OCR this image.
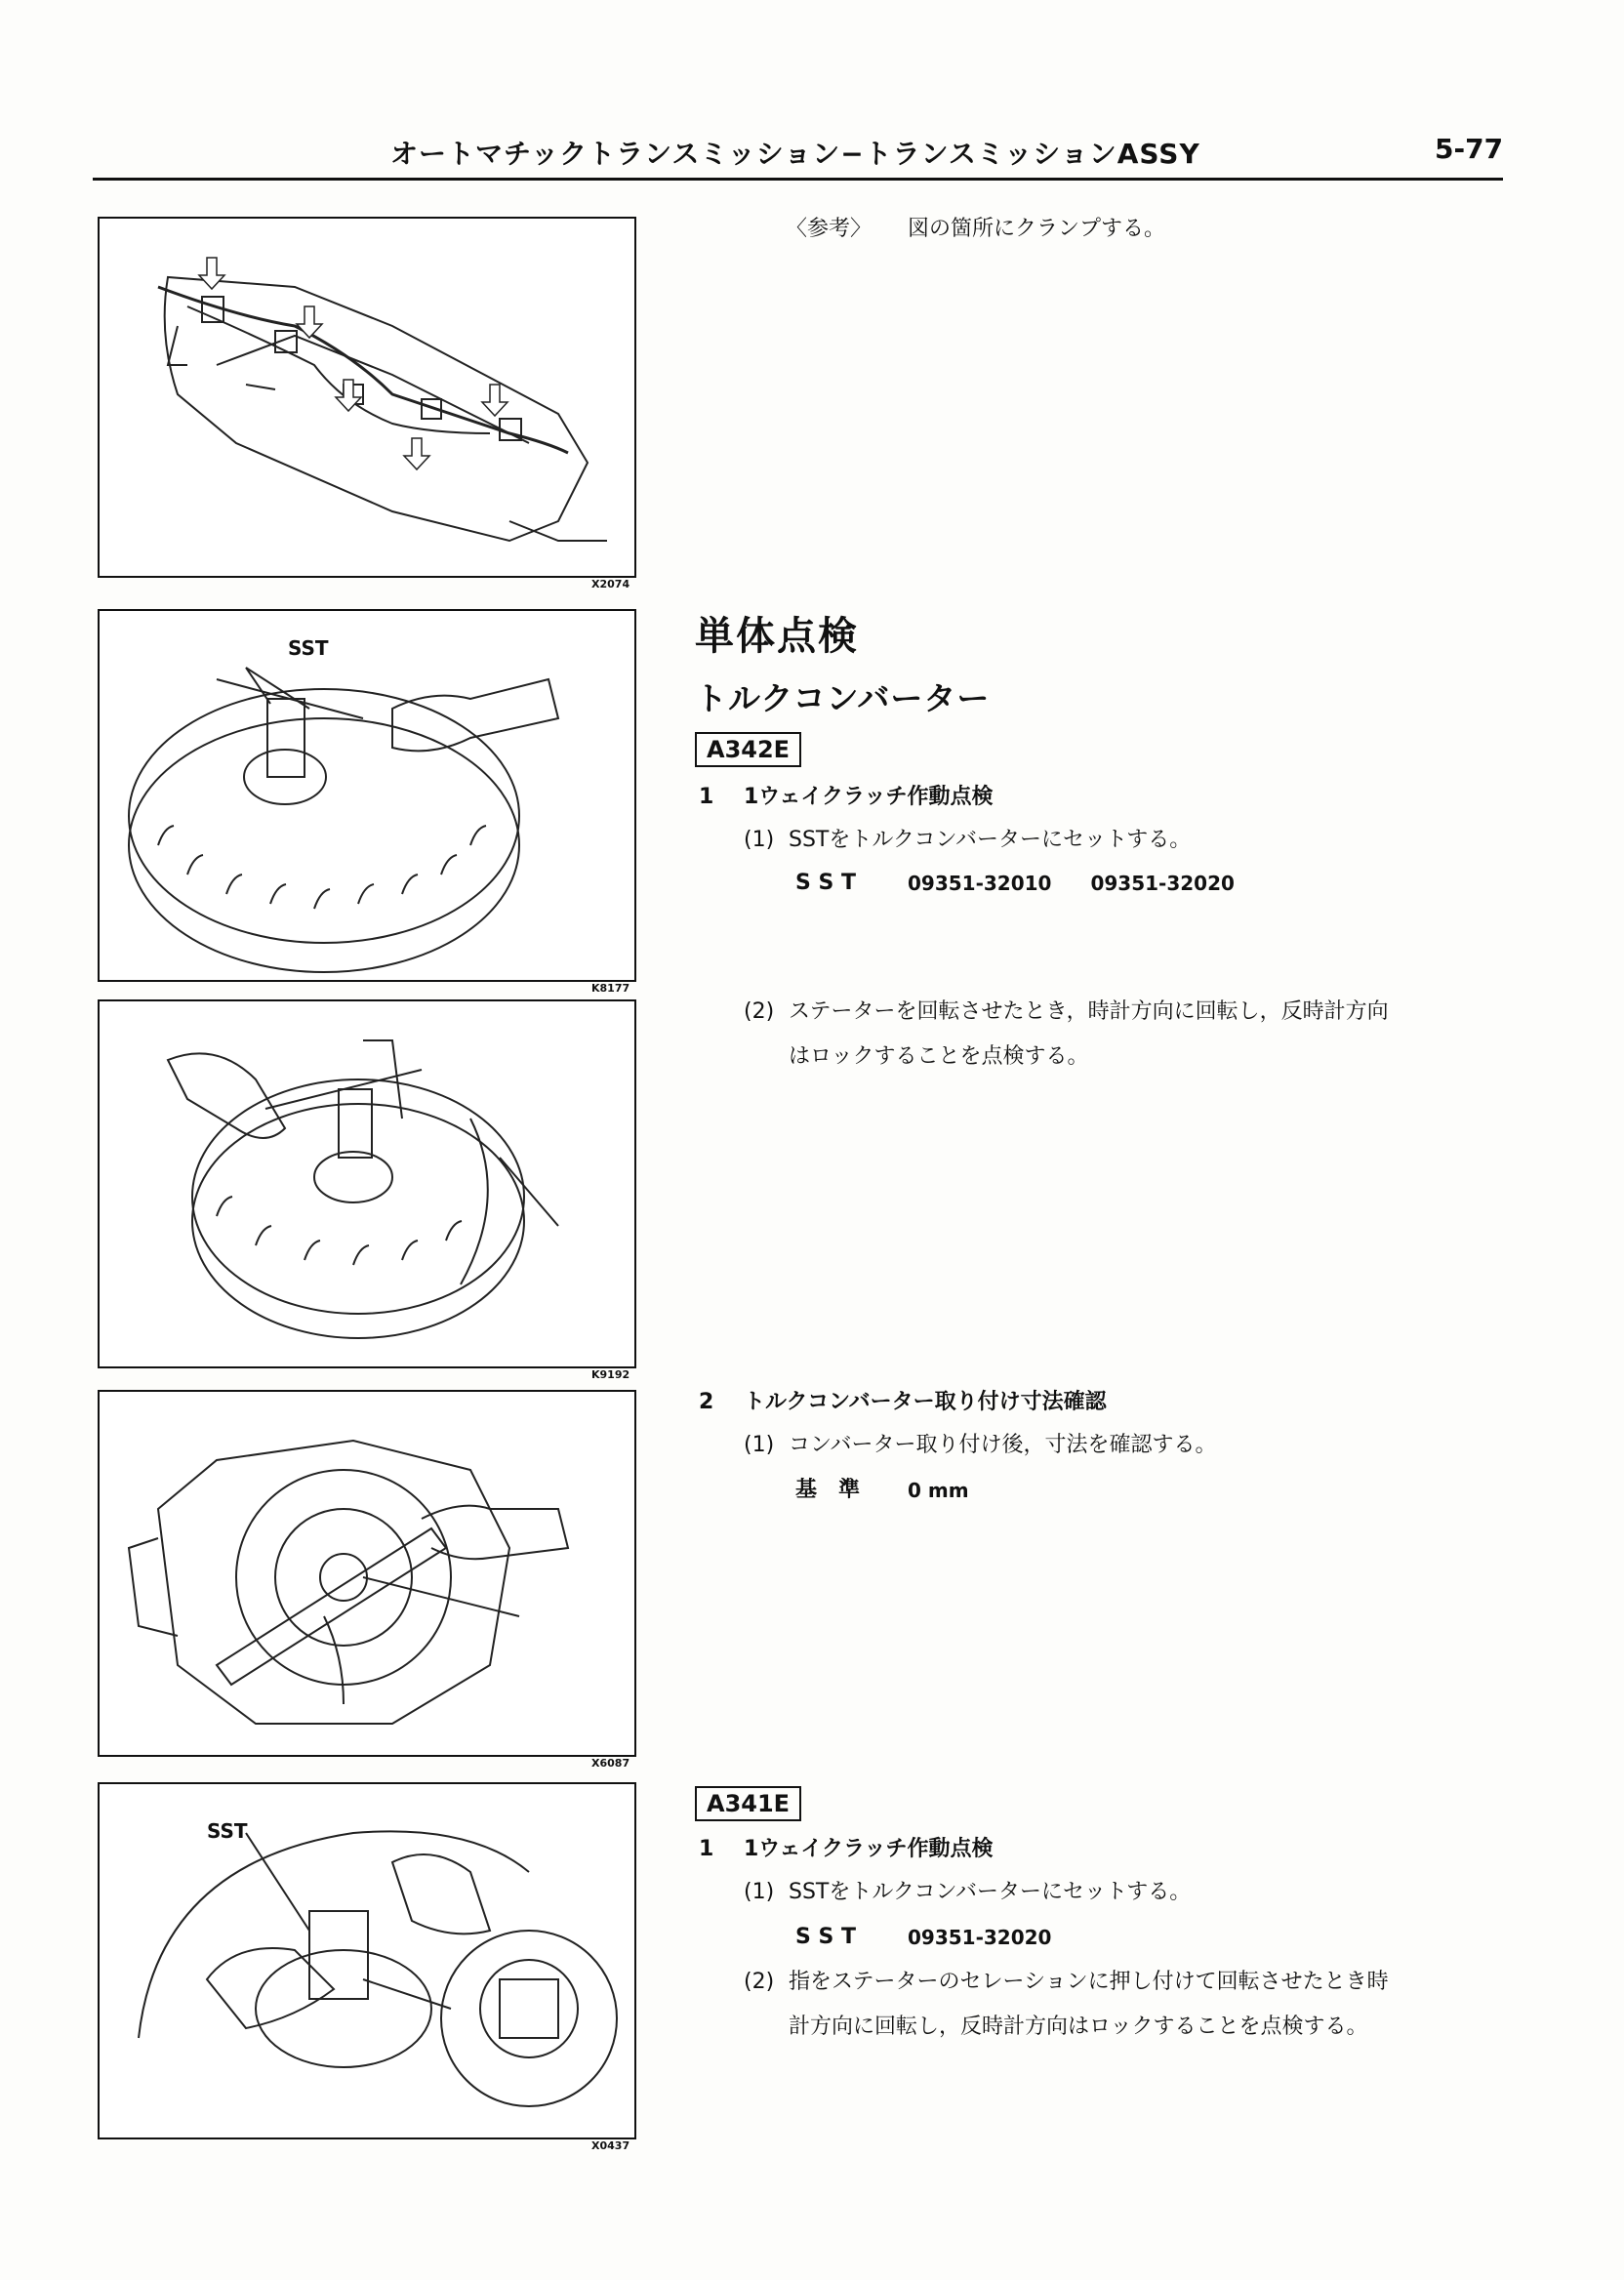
オートマチックトランスミッション−トランスミッションASSY	5-77
X2074
SST
K8177
K9192
X6087
SST
X0437
〈参考〉 図の箇所にクランプする。
単体点検
トルクコンバーター
A342E
1 1ウェイクラッチ作動点検
(1) SSTをトルクコンバーターにセットする。
S S T	09351-32010　　09351-32020
(2) ステーターを回転させたとき，時計方向に回転し，反時計方向
はロックすることを点検する。
2 トルクコンバーター取り付け寸法確認
(1) コンバーター取り付け後，寸法を確認する。
基　準 0 mm
A341E
1 1ウェイクラッチ作動点検
(1) SSTをトルクコンバーターにセットする。
S S T	09351-32020
(2) 指をステーターのセレーションに押し付けて回転させたとき時
計方向に回転し，反時計方向はロックすることを点検する。
